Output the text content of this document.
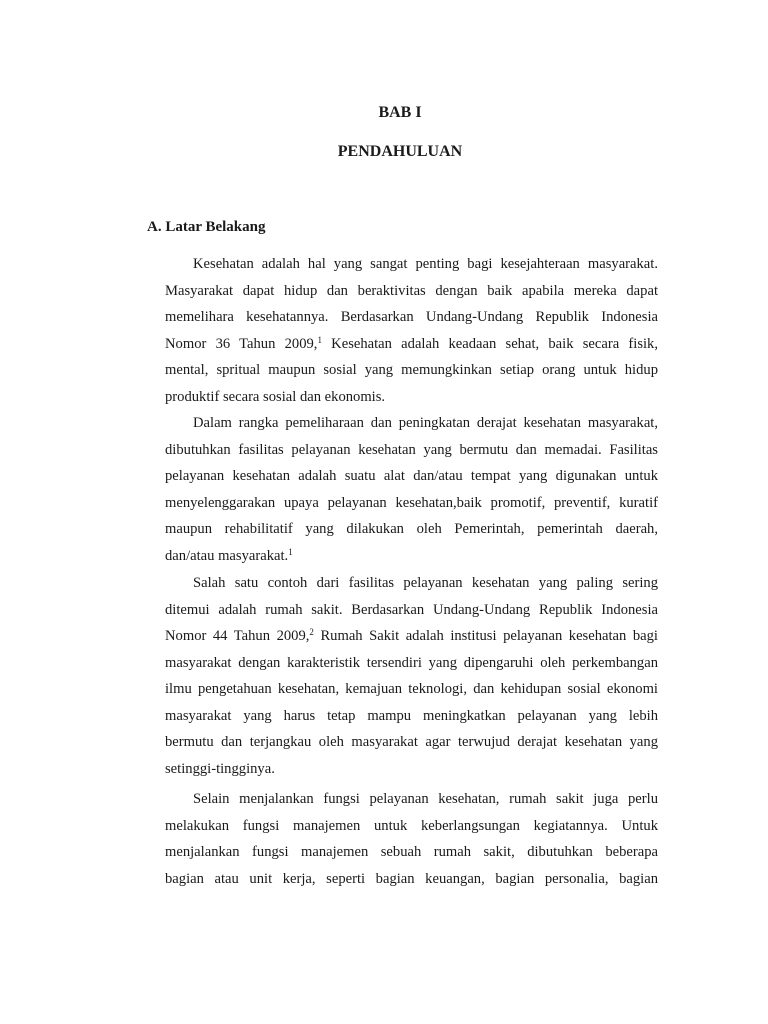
BAB I
PENDAHULUAN
A. Latar Belakang

Kesehatan adalah hal yang sangat penting bagi kesejahteraan masyarakat.
Masyarakat dapat hidup dan beraktivitas dengan baik apabila mereka dapat
memelihara kesehatannya. Berdasarkan Undang-Undang Republik Indonesia
Nomor 36 Tahun 2009,$^1$ Kesehatan adalah keadaan sehat, baik secara fisik,
mental, spritual maupun sosial yang memungkinkan setiap orang untuk hidup
produktif secara sosial dan ekonomis.

Dalam rangka pemeliharaan dan peningkatan derajat kesehatan masyarakat,
dibutuhkan fasilitas pelayanan kesehatan yang bermutu dan memadai. Fasilitas
pelayanan kesehatan adalah suatu alat dan/atau tempat yang digunakan untuk
menyelenggarakan upaya pelayanan kesehatan,baik promotif, preventif, kuratif
maupun rehabilitatif yang dilakukan oleh Pemerintah, pemerintah daerah,
dan/atau masyarakat.$^1$

Salah satu contoh dari fasilitas pelayanan kesehatan yang paling sering
ditemui adalah rumah sakit. Berdasarkan Undang-Undang Republik Indonesia
Nomor 44 Tahun 2009,$^2$ Rumah Sakit adalah institusi pelayanan kesehatan bagi
masyarakat dengan karakteristik tersendiri yang dipengaruhi oleh perkembangan
ilmu pengetahuan kesehatan, kemajuan teknologi, dan kehidupan sosial ekonomi
masyarakat yang harus tetap mampu meningkatkan pelayanan yang lebih
bermutu dan terjangkau oleh masyarakat agar terwujud derajat kesehatan yang
setinggi-tingginya.

Selain menjalankan fungsi pelayanan kesehatan, rumah sakit juga perlu
melakukan fungsi manajemen untuk keberlangsungan kegiatannya. Untuk
menjalankan fungsi manajemen sebuah rumah sakit, dibutuhkan beberapa
bagian atau unit kerja, seperti bagian keuangan, bagian personalia, bagian
